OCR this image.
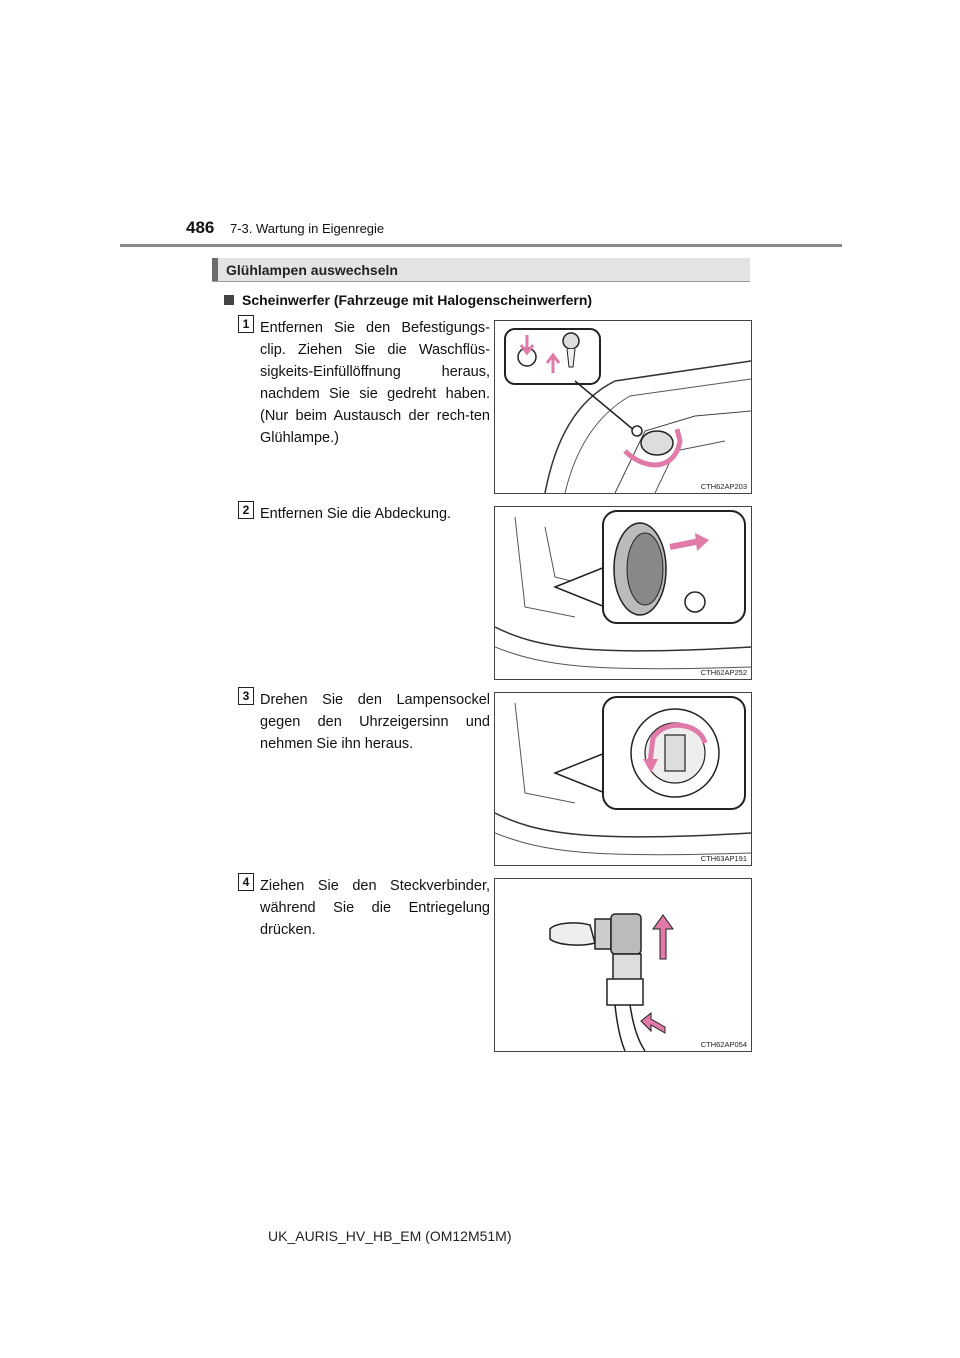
486 7-3. Wartung in Eigenregie
Glühlampen auswechseln
Scheinwerfer (Fahrzeuge mit Halogenscheinwerfern)
1 Entfernen Sie den Befestigungs-clip. Ziehen Sie die Waschflüs-sigkeits-Einfüllöffnung heraus, nachdem Sie sie gedreht haben. (Nur beim Austausch der rech-ten Glühlampe.)
CTH62AP203
2 Entfernen Sie die Abdeckung.
CTH62AP252
3 Drehen Sie den Lampensockel gegen den Uhrzeigersinn und nehmen Sie ihn heraus.
CTH63AP191
4 Ziehen Sie den Steckverbinder, während Sie die Entriegelung drücken.
CTH62AP054
UK_AURIS_HV_HB_EM (OM12M51M)
